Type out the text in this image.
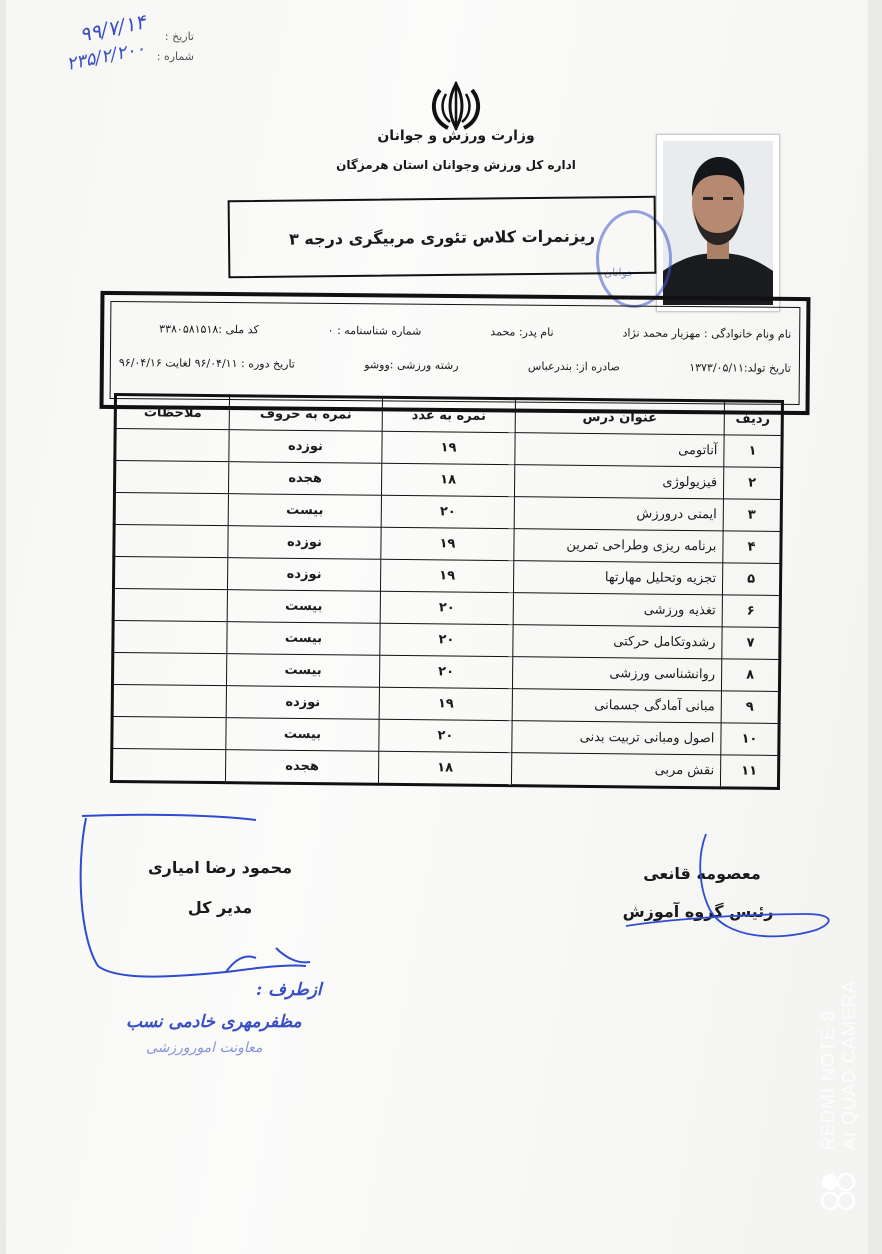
تاریخ :
شماره :
۹۹/۷/۱۴
۲۳۵/۲/۲۰۰
وزارت ورزش و جوانان
اداره کل ورزش وجوانان استان هرمزگان
جوانان
ریزنمرات کلاس تئوری مربیگری درجه ۳
نام ونام خانوادگی : مهزیار محمد نژاد
نام پدر: محمد
شماره شناسنامه : ۰
کد ملی :۳۳۸۰۵۸۱۵۱۸
تاریخ تولد:۱۳۷۳/۰۵/۱۱
صادره از: بندرعباس
رشته ورزشی :ووشو
تاریخ دوره : ۹۶/۰۴/۱۱ لغایت ۹۶/۰۴/۱۶
ردیف	عنوان درس	نمره به عدد	نمره به حروف	ملاحظات
۱	آناتومی	۱۹	نوزده	
۲	فیزیولوژی	۱۸	هجده	
۳	ایمنی درورزش	۲۰	بیست	
۴	برنامه ریزی وطراحی تمرین	۱۹	نوزده	
۵	تجزیه وتحلیل مهارتها	۱۹	نوزده	
۶	تغذیه ورزشی	۲۰	بیست	
۷	رشدوتکامل حرکتی	۲۰	بیست	
۸	روانشناسی ورزشی	۲۰	بیست	
۹	مبانی آمادگی جسمانی	۱۹	نوزده	
۱۰	اصول ومبانی تربیت بدنی	۲۰	بیست	
۱۱	نقش مربی	۱۸	هجده	
محمود رضا امیاری
مدیر کل
معصومه قانعی
رئیس گروه آموزش
ازطرف :
مظفرمهری خادمی نسب
معاونت امورورزشی	REDMI NOTE 8 AI QUAD CAMERA
